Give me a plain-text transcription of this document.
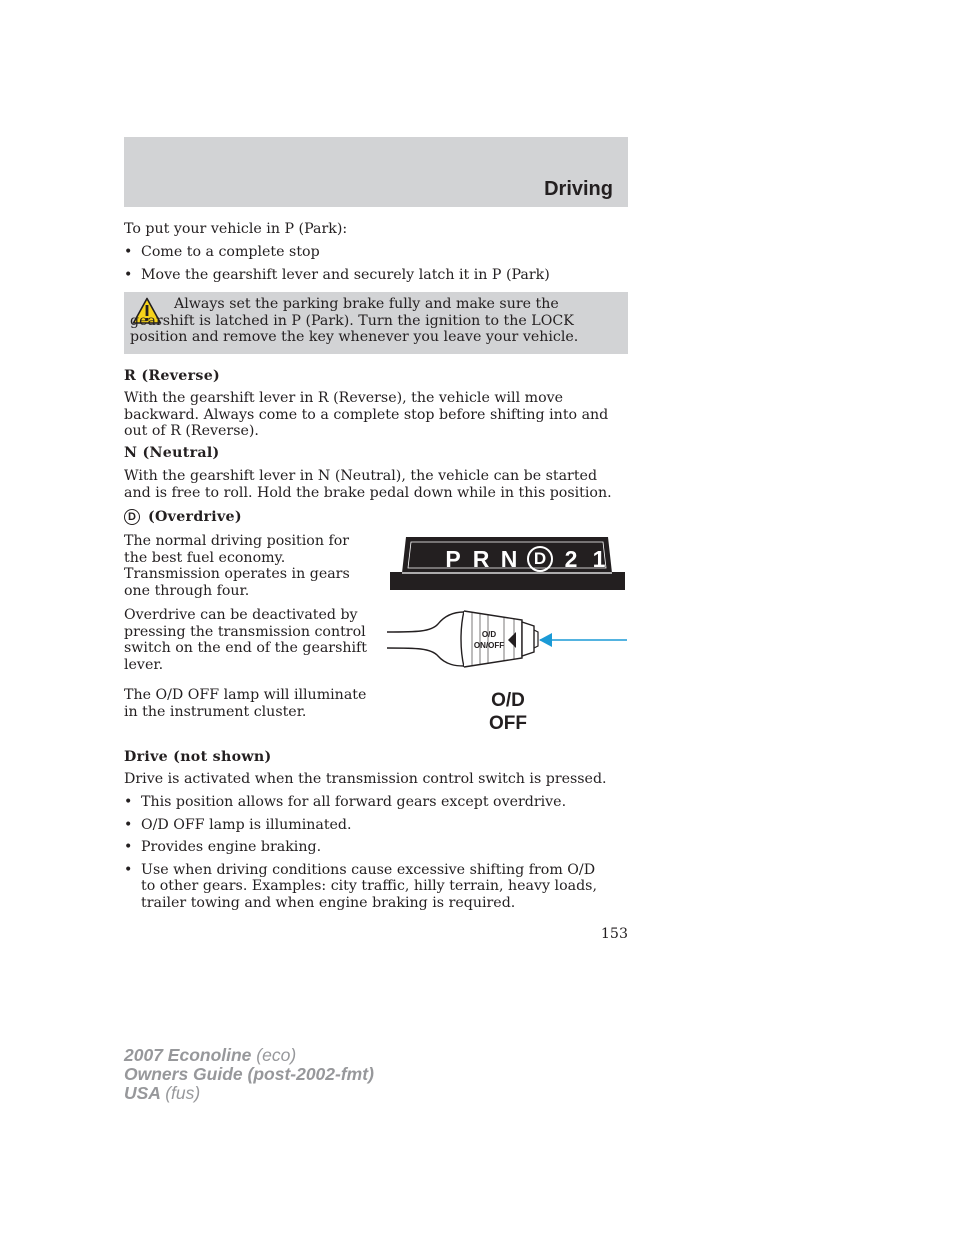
Driving
To put your vehicle in P (Park):
• Come to a complete stop
• Move the gearshift lever and securely latch it in P (Park)

Always set the parking brake fully and make sure the gearshift is latched in P (Park). Turn the ignition to the LOCK position and remove the key whenever you leave your vehicle.

R (Reverse)
With the gearshift lever in R (Reverse), the vehicle will move backward. Always come to a complete stop before shifting into and out of R (Reverse).
N (Neutral)
With the gearshift lever in N (Neutral), the vehicle can be started and is free to roll. Hold the brake pedal down while in this position.
D (Overdrive)
The normal driving position for the best fuel economy. Transmission operates in gears one through four.
Overdrive can be deactivated by pressing the transmission control switch on the end of the gearshift lever.
The O/D OFF lamp will illuminate in the instrument cluster.
P R N D 2 1
O/D
ON/OFF
O/D
OFF
Drive (not shown)
Drive is activated when the transmission control switch is pressed.
• This position allows for all forward gears except overdrive.
• O/D OFF lamp is illuminated.
• Provides engine braking.
• Use when driving conditions cause excessive shifting from O/D to other gears. Examples: city traffic, hilly terrain, heavy loads, trailer towing and when engine braking is required.
153
2007 Econoline (eco)
Owners Guide (post-2002-fmt)
USA (fus)
